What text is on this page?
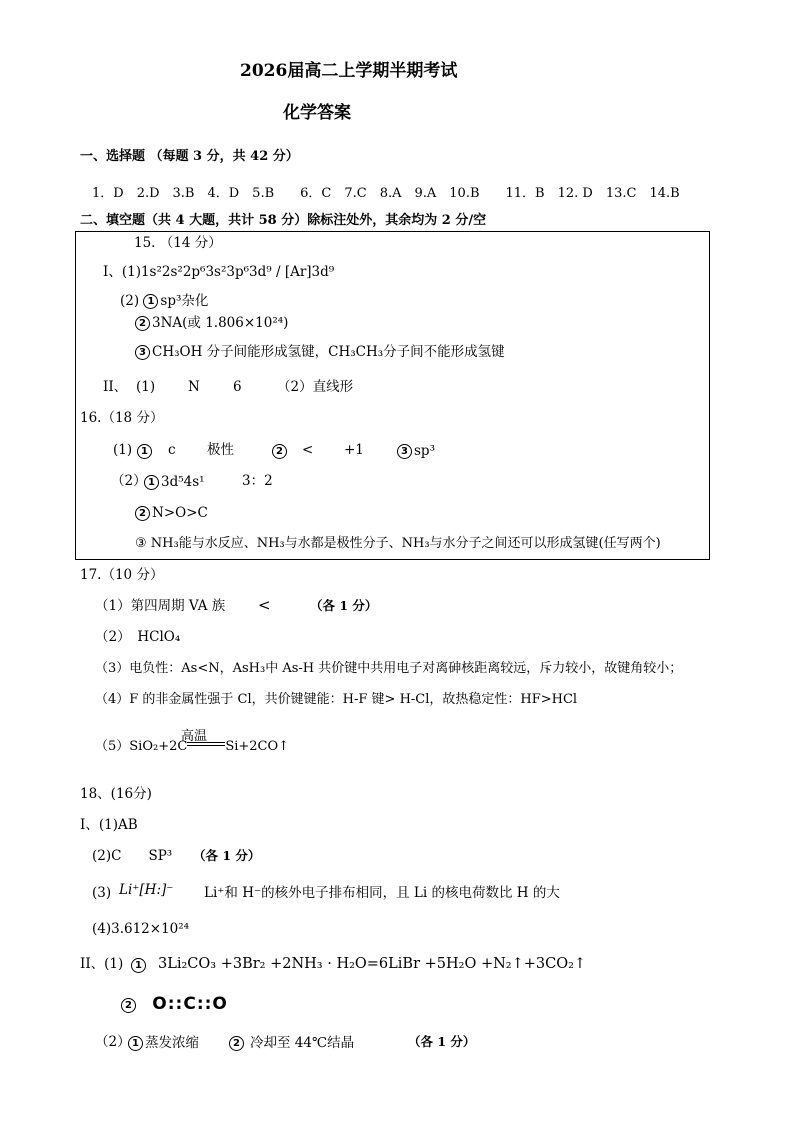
2026届高二上学期半期考试
化学答案
一、选择题 （每题 3 分，共 42 分）
1．D　2.D　3.B　4．D　5.B　　6．C　7.C　8.A　9.A　10.B　　11．B　12. D　13.C　14.B
二、填空题（共 4 大题，共计 58 分）除标注处外，其余均为 2 分/空
15. （14 分）
Ⅰ、(1)1s²2s²2p⁶3s²3p⁶3d⁹ / [Ar]3d⁹
(2) 1 sp³杂化
2 3NA(或 1.806×10²⁴)
3 CH₃OH 分子间能形成氢键，CH₃CH₃分子间不能形成氢键
II、 (1) N 6	（2）直线形
16.（18 分）
(1) 1	c 极性	2	< +1	3 sp³
（2） 1 3d⁵4s¹	3：2
2 N>O>C
③ NH₃能与水反应、NH₃与水都是极性分子、NH₃与水分子之间还可以形成氢键(任写两个)
17.（10 分）
（1）第四周期 VA 族 <	（各 1 分）
（2）　HClO₄
（3）电负性：As<N，AsH₃中 As-H 共价键中共用电子对离砷核距离较远，斥力较小，故键角较小；
（4）F 的非金属性强于 Cl，共价键键能：H-F 键> H-Cl，故热稳定性：HF>HCl
高温
（5）SiO₂+2C	Si+2CO↑
18、(16分)
Ⅰ、(1)AB
(2)C　　SP³ （各 1 分）
(3) Li⁺[H:]⁻ Li⁺和 H⁻的核外电子排布相同，且 Li 的核电荷数比 H 的大
(4)3.612×10²⁴
II、(1)	1	3Li₂CO₃ +3Br₂ +2NH₃ · H₂O=6LiBr +5H₂O +N₂↑+3CO₂↑
2 O::C::O
（2） 1 蒸发浓缩	2 冷却至 44℃结晶	（各 1 分）
